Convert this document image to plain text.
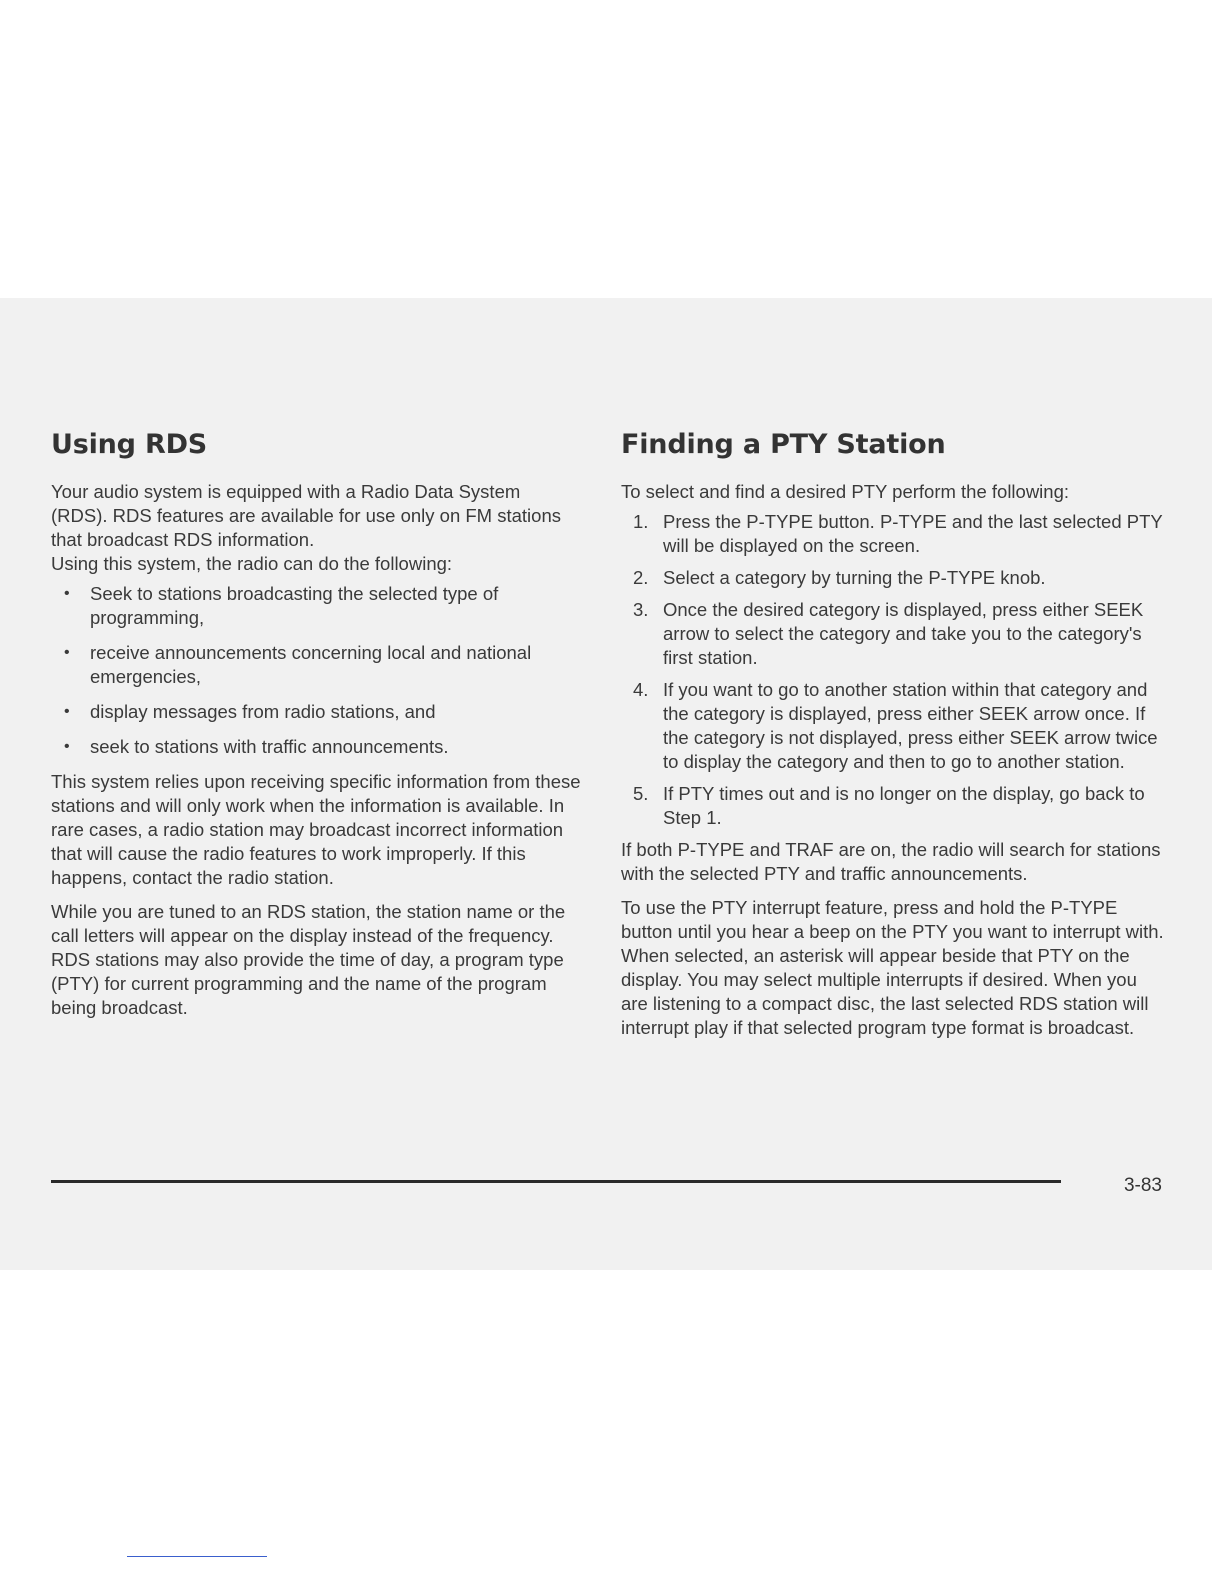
Using RDS

Your audio system is equipped with a Radio Data System (RDS). RDS features are available for use only on FM stations that broadcast RDS information.

Using this system, the radio can do the following:

• Seek to stations broadcasting the selected type of programming,
• receive announcements concerning local and national emergencies,
• display messages from radio stations, and
• seek to stations with traffic announcements.

This system relies upon receiving specific information from these stations and will only work when the information is available. In rare cases, a radio station may broadcast incorrect information that will cause the radio features to work improperly. If this happens, contact the radio station.

While you are tuned to an RDS station, the station name or the call letters will appear on the display instead of the frequency. RDS stations may also provide the time of day, a program type (PTY) for current programming and the name of the program being broadcast.

Finding a PTY Station

To select and find a desired PTY perform the following:

1. Press the P-TYPE button. P-TYPE and the last selected PTY will be displayed on the screen.
2. Select a category by turning the P-TYPE knob.
3. Once the desired category is displayed, press either SEEK arrow to select the category and take you to the category's first station.
4. If you want to go to another station within that category and the category is displayed, press either SEEK arrow once. If the category is not displayed, press either SEEK arrow twice to display the category and then to go to another station.
5. If PTY times out and is no longer on the display, go back to Step 1.

If both P-TYPE and TRAF are on, the radio will search for stations with the selected PTY and traffic announcements.

To use the PTY interrupt feature, press and hold the P-TYPE button until you hear a beep on the PTY you want to interrupt with. When selected, an asterisk will appear beside that PTY on the display. You may select multiple interrupts if desired. When you are listening to a compact disc, the last selected RDS station will interrupt play if that selected program type format is broadcast.

3-83
